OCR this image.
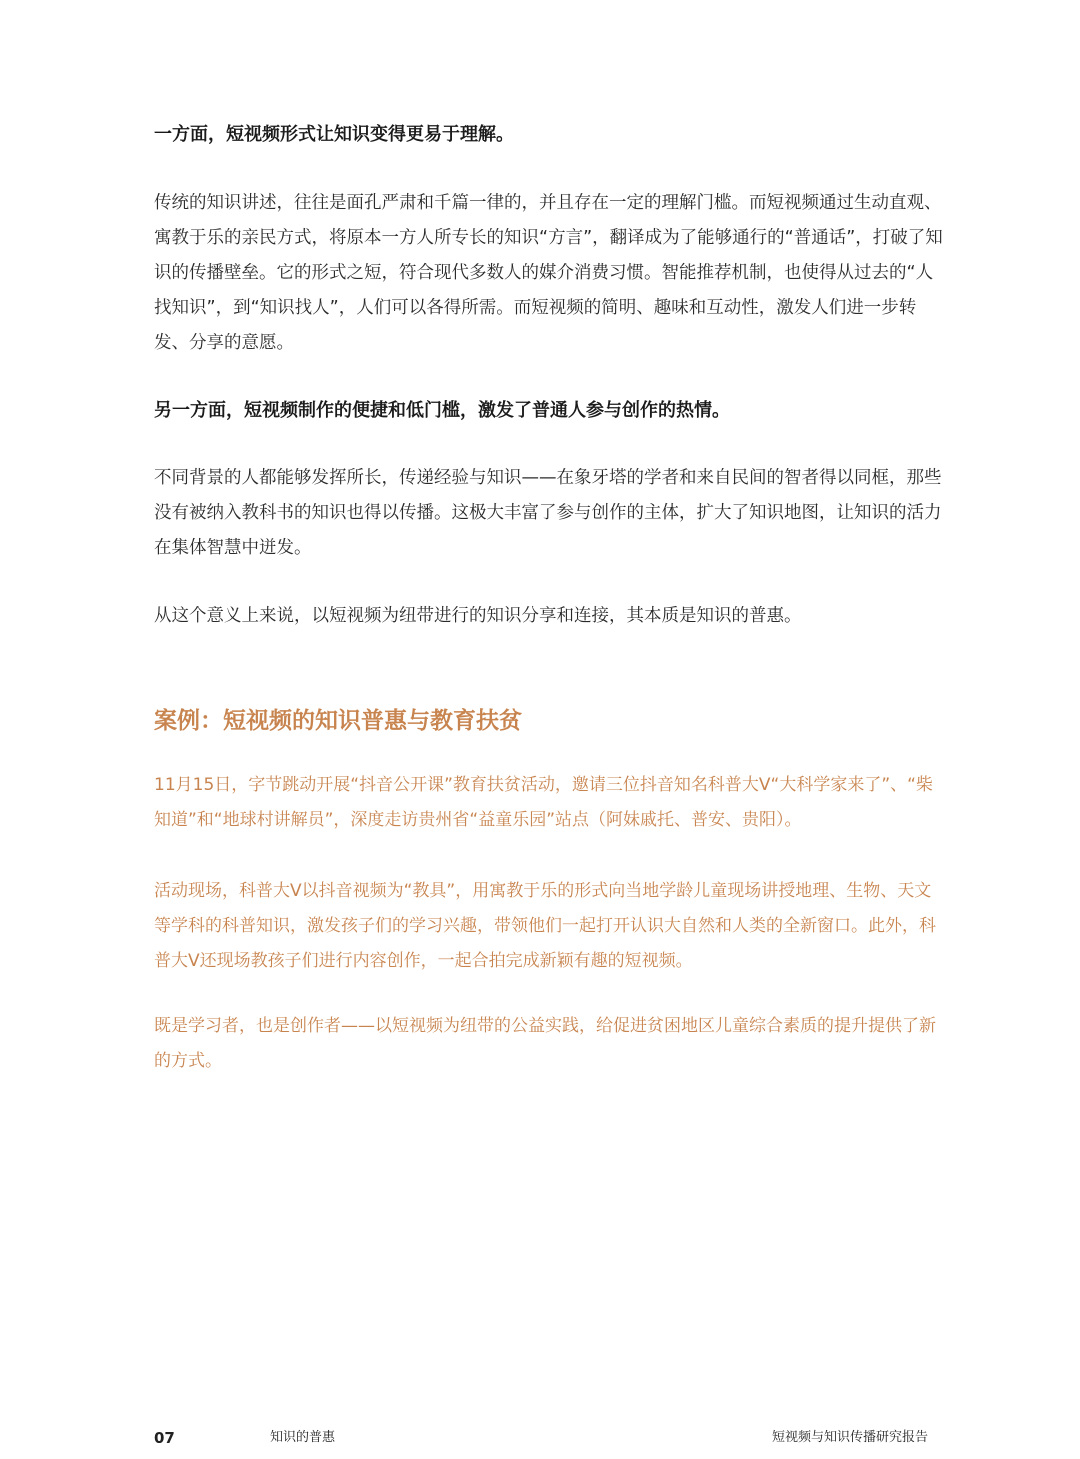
一方面，短视频形式让知识变得更易于理解。

传统的知识讲述，往往是面孔严肃和千篇一律的，并且存在一定的理解门槛。而短视频通过生动直观、寓教于乐的亲民方式，将原本一方人所专长的知识“方言”，翻译成为了能够通行的“普通话”，打破了知识的传播壁垒。它的形式之短，符合现代多数人的媒介消费习惯。智能推荐机制，也使得从过去的“人找知识”，到“知识找人”，人们可以各得所需。而短视频的简明、趣味和互动性，激发人们进一步转发、分享的意愿。

另一方面，短视频制作的便捷和低门槛，激发了普通人参与创作的热情。

不同背景的人都能够发挥所长，传递经验与知识——在象牙塔的学者和来自民间的智者得以同框，那些没有被纳入教科书的知识也得以传播。这极大丰富了参与创作的主体，扩大了知识地图，让知识的活力在集体智慧中迸发。

从这个意义上来说，以短视频为纽带进行的知识分享和连接，其本质是知识的普惠。

案例：短视频的知识普惠与教育扶贫

11月15日，字节跳动开展“抖音公开课”教育扶贫活动，邀请三位抖音知名科普大V“大科学家来了”、“柴知道”和“地球村讲解员”，深度走访贵州省“益童乐园”站点（阿妹戚托、普安、贵阳）。

活动现场，科普大V以抖音视频为“教具”，用寓教于乐的形式向当地学龄儿童现场讲授地理、生物、天文等学科的科普知识，激发孩子们的学习兴趣，带领他们一起打开认识大自然和人类的全新窗口。此外，科普大V还现场教孩子们进行内容创作，一起合拍完成新颖有趣的短视频。

既是学习者，也是创作者——以短视频为纽带的公益实践，给促进贫困地区儿童综合素质的提升提供了新的方式。

07	知识的普惠	短视频与知识传播研究报告
